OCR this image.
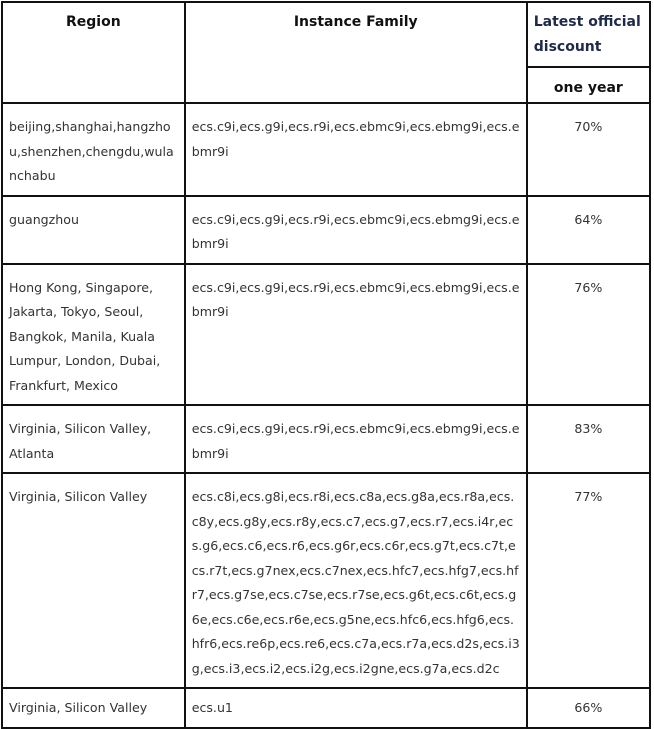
Region	Instance Family	Latest official discount
		one year
beijing,shanghai,hangzhou,shenzhen,chengdu,wulanchabu	ecs.c9i,ecs.g9i,ecs.r9i,ecs.ebmc9i,ecs.ebmg9i,ecs.ebmr9i	70%
guangzhou	ecs.c9i,ecs.g9i,ecs.r9i,ecs.ebmc9i,ecs.ebmg9i,ecs.ebmr9i	64%
Hong Kong, Singapore, Jakarta, Tokyo, Seoul, Bangkok, Manila, Kuala Lumpur, London, Dubai, Frankfurt, Mexico	ecs.c9i,ecs.g9i,ecs.r9i,ecs.ebmc9i,ecs.ebmg9i,ecs.ebmr9i	76%
Virginia, Silicon Valley, Atlanta	ecs.c9i,ecs.g9i,ecs.r9i,ecs.ebmc9i,ecs.ebmg9i,ecs.ebmr9i	83%
Virginia, Silicon Valley	ecs.c8i,ecs.g8i,ecs.r8i,ecs.c8a,ecs.g8a,ecs.r8a,ecs.c8y,ecs.g8y,ecs.r8y,ecs.c7,ecs.g7,ecs.r7,ecs.i4r,ecs.g6,ecs.c6,ecs.r6,ecs.g6r,ecs.c6r,ecs.g7t,ecs.c7t,ecs.r7t,ecs.g7nex,ecs.c7nex,ecs.hfc7,ecs.hfg7,ecs.hfr7,ecs.g7se,ecs.c7se,ecs.r7se,ecs.g6t,ecs.c6t,ecs.g6e,ecs.c6e,ecs.r6e,ecs.g5ne,ecs.hfc6,ecs.hfg6,ecs.hfr6,ecs.re6p,ecs.re6,ecs.c7a,ecs.r7a,ecs.d2s,ecs.i3g,ecs.i3,ecs.i2,ecs.i2g,ecs.i2gne,ecs.g7a,ecs.d2c	77%
Virginia, Silicon Valley	ecs.u1	66%
